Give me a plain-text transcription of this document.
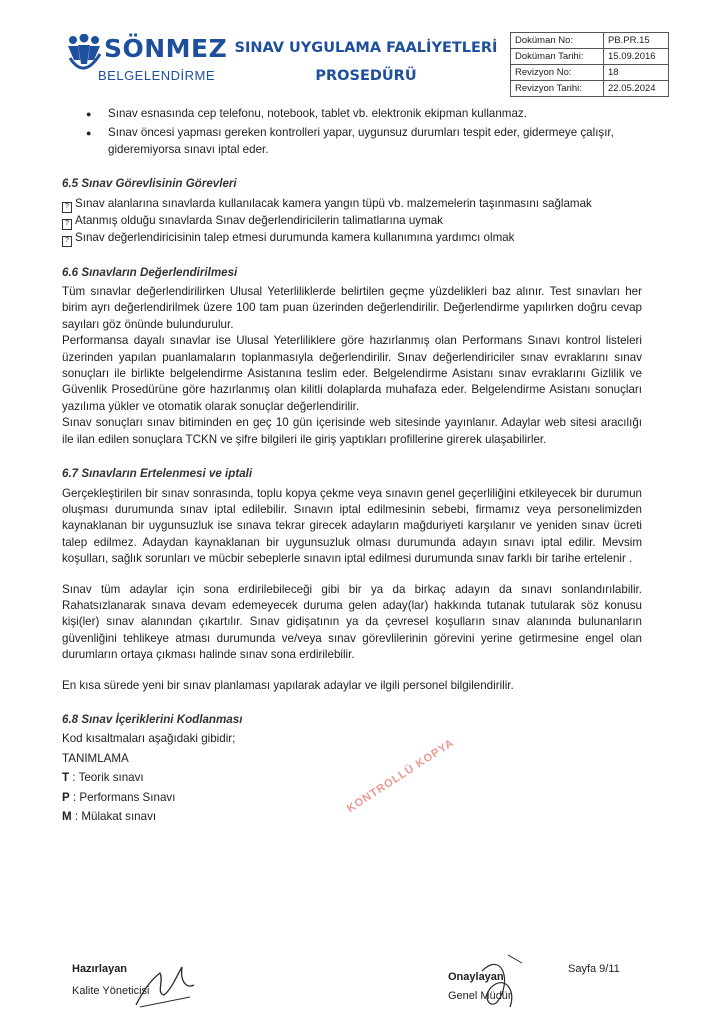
SÖNMEZ
BELGELENDİRME
SINAV UYGULAMA FAALİYETLERİ
PROSEDÜRÜ
Doküman No:	PB.PR.15
Doküman Tarihi:	15.09.2016
Revizyon No:	18
Revizyon Tarihi:	22.05.2024
● Sınav esnasında cep telefonu, notebook, tablet vb. elektronik ekipman kullanmaz.
● Sınav öncesi yapması gereken kontrolleri yapar, uygunsuz durumları tespit eder, gidermeye çalışır, gideremiyorsa sınavı iptal eder.
6.5 Sınav Görevlisinin Görevleri

? Sınav alanlarına sınavlarda kullanılacak kamera yangın tüpü vb. malzemelerin taşınmasını sağlamak

? Atanmış olduğu sınavlarda Sınav değerlendiricilerin talimatlarına uymak

? Sınav değerlendiricisinin talep etmesi durumunda kamera kullanımına yardımcı olmak

6.6 Sınavların Değerlendirilmesi

Tüm sınavlar değerlendirilirken Ulusal Yeterliliklerde belirtilen geçme yüzdelikleri baz alınır. Test sınavları her birim ayrı değerlendirilmek üzere 100 tam puan üzerinden değerlendirilir. Değerlendirme yapılırken doğru cevap sayıları göz önünde bulundurulur.

Performansa dayalı sınavlar ise Ulusal Yeterliliklere göre hazırlanmış olan Performans Sınavı kontrol listeleri üzerinden yapılan puanlamaların toplanmasıyla değerlendirilir. Sınav değerlendiriciler sınav evraklarını sınav sonuçları ile birlikte belgelendirme Asistanına teslim eder. Belgelendirme Asistanı sınav evraklarını Gizlilik ve Güvenlik Prosedürüne göre hazırlanmış olan kilitli dolaplarda muhafaza eder. Belgelendirme Asistanı sonuçları yazılıma yükler ve otomatik olarak sonuçlar değerlendirilir.

Sınav sonuçları sınav bitiminden en geç 10 gün içerisinde web sitesinde yayınlanır. Adaylar web sitesi aracılığı ile ilan edilen sonuçlara TCKN ve şifre bilgileri ile giriş yaptıkları profillerine girerek ulaşabilirler.

6.7 Sınavların Ertelenmesi ve iptali

Gerçekleştirilen bir sınav sonrasında, toplu kopya çekme veya sınavın genel geçerliliğini etkileyecek bir durumun oluşması durumunda sınav iptal edilebilir. Sınavın iptal edilmesinin sebebi, firmamız veya personelimizden kaynaklanan bir uygunsuzluk ise sınava tekrar girecek adayların mağduriyeti karşılanır ve yeniden sınav ücreti talep edilmez. Adaydan kaynaklanan bir uygunsuzluk olması durumunda adayın sınavı iptal edilir. Mevsim koşulları, sağlık sorunları ve mücbir sebeplerle sınavın iptal edilmesi durumunda sınav farklı bir tarihe ertelenir .

Sınav tüm adaylar için sona erdirilebileceği gibi bir ya da birkaç adayın da sınavı sonlandırılabilir. Rahatsızlanarak sınava devam edemeyecek duruma gelen aday(lar) hakkında tutanak tutularak söz konusu kişi(ler) sınav alanından çıkartılır. Sınav gidişatının ya da çevresel koşulların sınav alanında bulunanların güvenliğini tehlikeye atması durumunda ve/veya sınav görevlilerinin görevini yerine getirmesine engel olan durumların ortaya çıkması halinde sınav sona erdirilebilir.

En kısa sürede yeni bir sınav planlaması yapılarak adaylar ve ilgili personel bilgilendirilir.

6.8 Sınav İçeriklerini Kodlanması

Kod kısaltmaları aşağıdaki gibidir;

TANIMLAMA

T : Teorik sınavı

P : Performans Sınavı

M : Mülakat sınavı

KONTROLLÜ KOPYA
Hazırlayan
Kalite Yöneticisi
Onaylayan
Genel Müdür
Sayfa 9/11
